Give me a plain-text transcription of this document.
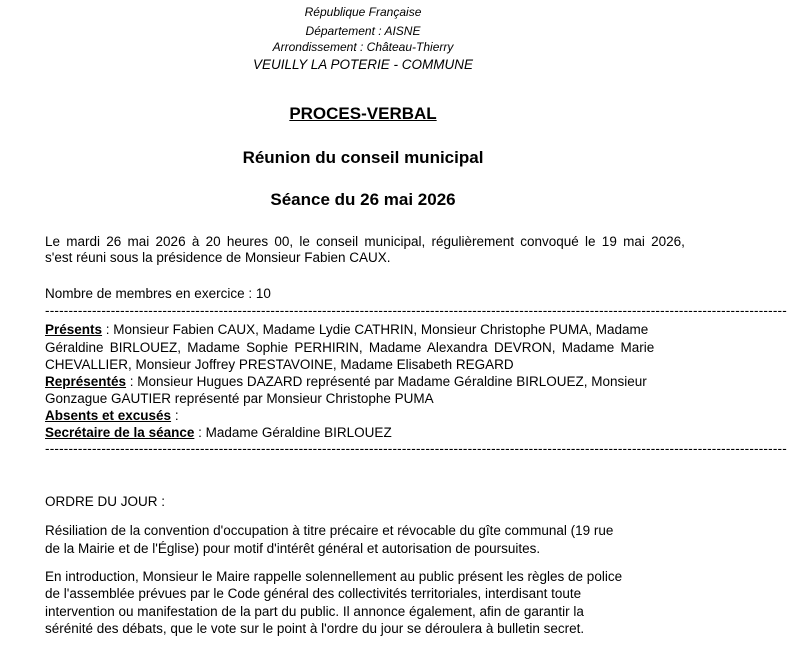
République Française
Département : AISNE
Arrondissement : Château-Thierry
VEUILLY LA POTERIE - COMMUNE
PROCES-VERBAL
Réunion du conseil municipal
Séance du 26 mai 2026
Le mardi 26 mai 2026 à 20 heures 00, le conseil municipal, régulièrement convoqué le 19 mai 2026,
s'est réuni sous la présidence de Monsieur Fabien CAUX.
Nombre de membres en exercice : 10
--------------------------------------------------------------------------------------------------------------------------------------------------------------
Présents : Monsieur Fabien CAUX, Madame Lydie CATHRIN, Monsieur Christophe PUMA, Madame
Géraldine BIRLOUEZ, Madame Sophie PERHIRIN, Madame Alexandra DEVRON, Madame Marie
CHEVALLIER, Monsieur Joffrey PRESTAVOINE, Madame Elisabeth REGARD
Représentés : Monsieur Hugues DAZARD représenté par Madame Géraldine BIRLOUEZ, Monsieur
Gonzague GAUTIER représenté par Monsieur Christophe PUMA
Absents et excusés :
Secrétaire de la séance : Madame Géraldine BIRLOUEZ
--------------------------------------------------------------------------------------------------------------------------------------------------------------
ORDRE DU JOUR :
Résiliation de la convention d'occupation à titre précaire et révocable du gîte communal (19 rue
de la Mairie et de l'Église) pour motif d'intérêt général et autorisation de poursuites.
En introduction, Monsieur le Maire rappelle solennellement au public présent les règles de police
de l'assemblée prévues par le Code général des collectivités territoriales, interdisant toute
intervention ou manifestation de la part du public. Il annonce également, afin de garantir la
sérénité des débats, que le vote sur le point à l'ordre du jour se déroulera à bulletin secret.
